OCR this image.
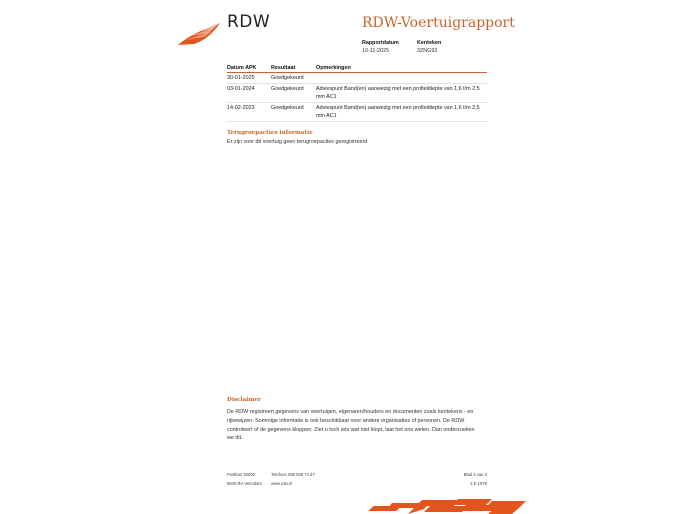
RDW	RDW-Voertuigrapport
Rapportdatum
10-11-2025
Kenteken
3ZNG92
Datum APK	Resultaat	Opmerkingen
30-01-2025	Goedgekeurd
03-01-2024	Goedgekeurd	Adviespunt Band(en) aanwezig met een profieldiepte van 1,6 t/m 2,5 mm AC1
14-02-2023	Goedgekeurd	Adviespunt Band(en) aanwezig met een profieldiepte van 1,6 t/m 2,5 mm AC1
Terugroepacties informatie
Er zijn voor dit voertuig geen terugroepacties geregistreerd
Disclaimer
De RDW registreert gegevens van voertuigen, eigenaren/houders en documenten zoals kentekens - en rijbewijzen. Sommige informatie is ook beschikbaar voor andere organisaties of personen. De RDW controleert of de gegevens kloppen. Ziet u toch iets wat niet klopt, laat het ons weten. Dan onderzoeken we dit.
Postbus 30000
9640 RA Veendam
Telefoon 088 008 74 47
www.rdw.nl
Blad 3 van 3
2 E 1979
